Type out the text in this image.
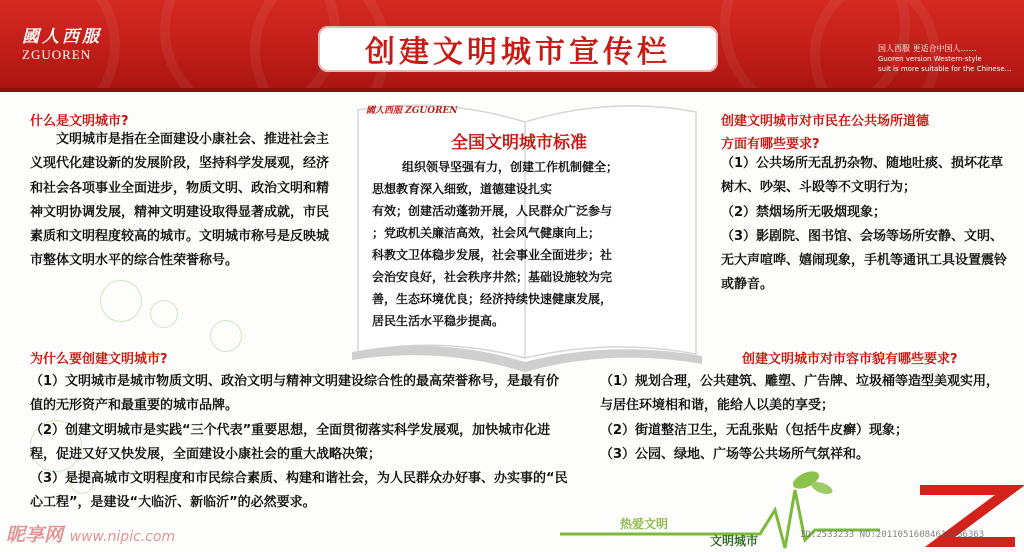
國人西服
ZGUOREN	创建文明城市宣传栏	国人西服 更适合中国人……
Guoren version Western-style
suit is more suitable for the Chinese...
什么是文明城市?

文明城市是指在全面建设小康社会、推进社会主义现代化建设新的发展阶段，坚持科学发展观，经济和社会各项事业全面进步，物质文明、政治文明和精神文明协调发展，精神文明建设取得显著成就，市民素质和文明程度较高的城市。文明城市称号是反映城市整体文明水平的综合性荣誉称号。

國人西服 ZGUOREN
全国文明城市标准

组织领导坚强有力，创建工作机制健全；

思想教育深入细致，道德建设扎实

有效；创建活动蓬勃开展，人民群众广泛参与

；党政机关廉洁高效，社会风气健康向上；

科教文卫体稳步发展，社会事业全面进步；社

会治安良好，社会秩序井然；基础设施较为完

善，生态环境优良；经济持续快速健康发展，

居民生活水平稳步提高。

创建文明城市对市民在公共场所道德
方面有哪些要求?

（1）公共场所无乱扔杂物、随地吐痰、损坏花草树木、吵架、斗殴等不文明行为；

（2）禁烟场所无吸烟现象；

（3）影剧院、图书馆、会场等场所安静、文明、无大声喧哗、嬉闹现象，手机等通讯工具设置震铃或静音。

为什么要创建文明城市?

（1）文明城市是城市物质文明、政治文明与精神文明建设综合性的最高荣誉称号，是最有价值的无形资产和最重要的城市品牌。

（2）创建文明城市是实践“三个代表”重要思想，全面贯彻落实科学发展观，加快城市化进程，促进又好又快发展，全面建设小康社会的重大战略决策；

（3）是提高城市文明程度和市民综合素质、构建和谐社会，为人民群众办好事、办实事的“民心工程”，是建设“大临沂、新临沂”的必然要求。

创建文明城市对市容市貌有哪些要求?

（1）规划合理，公共建筑、雕塑、广告牌、垃圾桶等造型美观实用，与居住环境相和谐，能给人以美的享受；

（2）街道整洁卫生，无乱张贴（包括牛皮癣）现象；

（3）公园、绿地、广场等公共场所气氛祥和。

昵享网 www.nipic.com
热爱文明
文明城市	ID:2533233 NO:20110516084619756363
